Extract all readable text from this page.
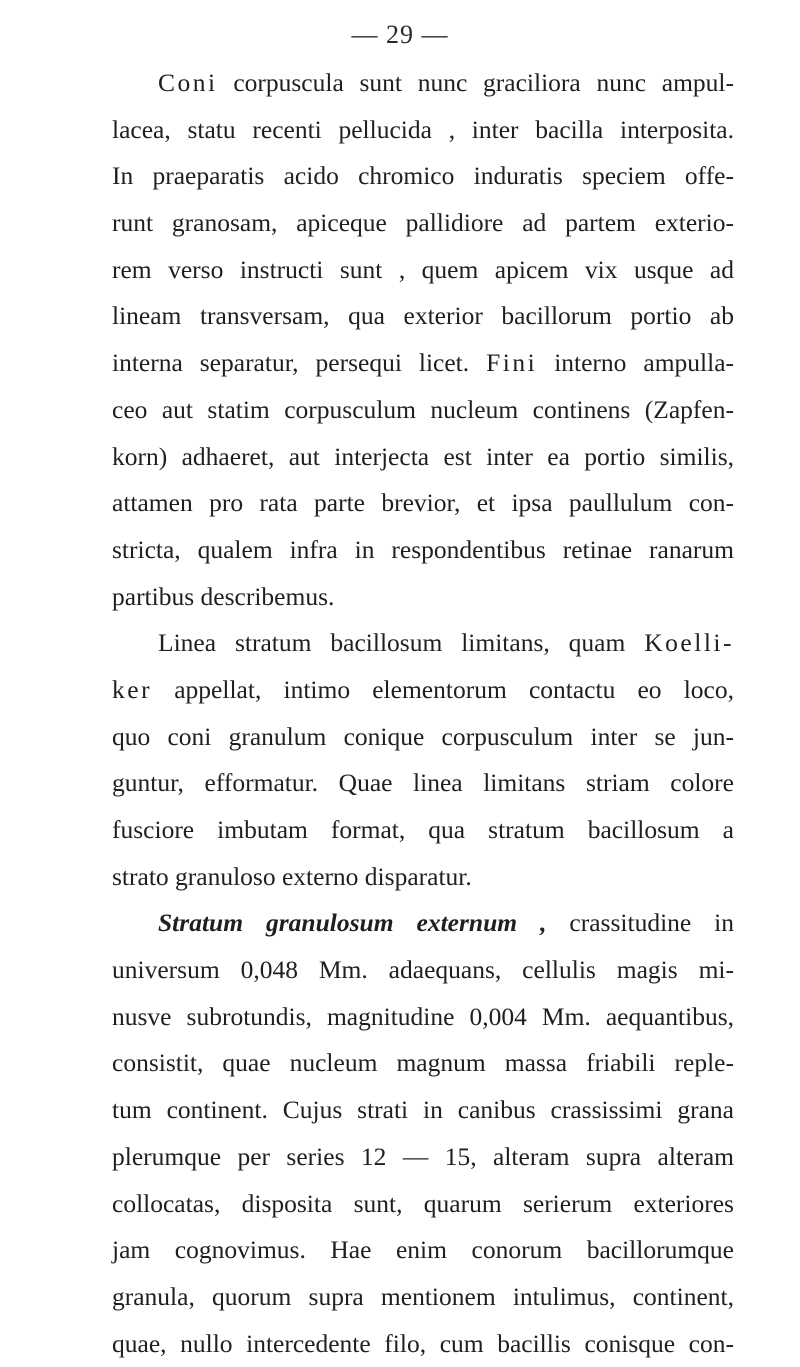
— 29 —
Coni corpuscula sunt nunc graciliora nunc ampul-
lacea, statu recenti pellucida , inter bacilla interposita.
In praeparatis acido chromico induratis speciem offe-
runt granosam, apiceque pallidiore ad partem exterio-
rem verso instructi sunt , quem apicem vix usque ad
lineam transversam, qua exterior bacillorum portio ab
interna separatur, persequi licet. Fini interno ampulla-
ceo aut statim corpusculum nucleum continens (Zapfen-
korn) adhaeret, aut interjecta est inter ea portio similis,
attamen pro rata parte brevior, et ipsa paullulum con-
stricta, qualem infra in respondentibus retinae ranarum
partibus describemus.
Linea stratum bacillosum limitans, quam Koelli-
ker appellat, intimo elementorum contactu eo loco,
quo coni granulum conique corpusculum inter se jun-
guntur, efformatur. Quae linea limitans striam colore
fusciore imbutam format, qua stratum bacillosum a
strato granuloso externo disparatur.
Stratum granulosum externum , crassitudine in
universum 0,048 Mm. adaequans, cellulis magis mi-
nusve subrotundis, magnitudine 0,004 Mm. aequantibus,
consistit, quae nucleum magnum massa friabili reple-
tum continent. Cujus strati in canibus crassissimi grana
plerumque per series 12 — 15, alteram supra alteram
collocatas, disposita sunt, quarum serierum exteriores
jam cognovimus. Hae enim conorum bacillorumque
granula, quorum supra mentionem intulimus, continent,
quae, nullo intercedente filo, cum bacillis conisque con-
